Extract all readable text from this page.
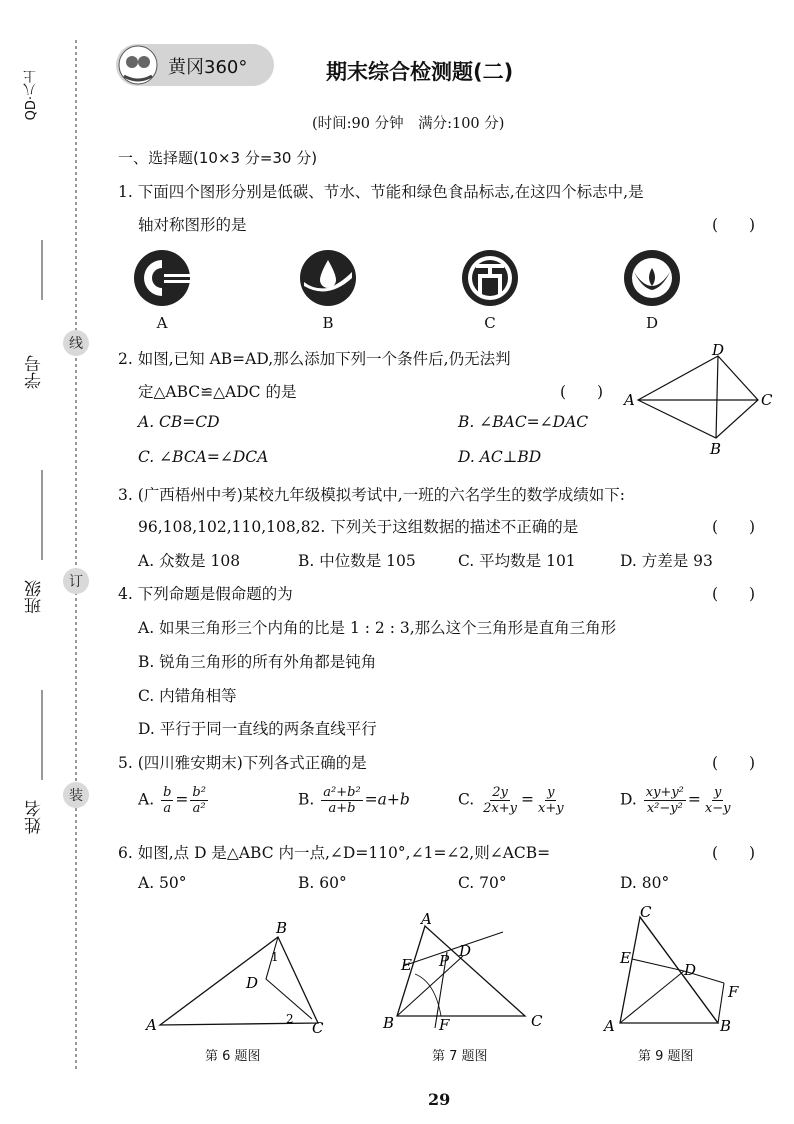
QD·八上
学号
班级
姓名
线
订
装
黄冈360°	期末综合检测题(二)
(时间:90 分钟　满分:100 分)
一、选择题(10×3 分=30 分)
1. 下面四个图形分别是低碳、节水、节能和绿色食品标志,在这四个标志中,是
轴对称图形的是	(　　)
A	B	C	D
2. 如图,已知 AB=AD,那么添加下列一个条件后,仍无法判
定△ABC≌△ADC 的是	(　　)
A. CB=CD	B. ∠BAC=∠DAC
C. ∠BCA=∠DCA	D. AC⊥BD
A
D
C
B
3. (广西梧州中考)某校九年级模拟考试中,一班的六名学生的数学成绩如下:
96,108,102,110,108,82. 下列关于这组数据的描述不正确的是	(　　)
A. 众数是 108	B. 中位数是 105	C. 平均数是 101	D. 方差是 93
4. 下列命题是假命题的为	(　　)
A. 如果三角形三个内角的比是 1 : 2 : 3,那么这个三角形是直角三角形
B. 锐角三角形的所有外角都是钝角
C. 内错角相等
D. 平行于同一直线的两条直线平行
5. (四川雅安期末)下列各式正确的是	(　　)
A. $\frac{b}{a} = \frac{\text{b²}}{\text{a²}}$	B. $\frac{\text{a²+b²}}{a+b} =a+b$	C. $\frac{2y}{2x+y} = \frac{y}{x+y}$	D. $\frac{\text{xy+y²}}{\text{x²−y²}} = \frac{y}{x-y}$
6. 如图,点 D 是△ABC 内一点,∠D=110°,∠1=∠2,则∠ACB=	(　　)
A. 50°	B. 60°	C. 70°	D. 80°
A
B
C
D
1
2
第 6 题图
A
B	C
D
E
F
P
第 7 题图
C
A	B
D
E
F
第 9 题图
29
